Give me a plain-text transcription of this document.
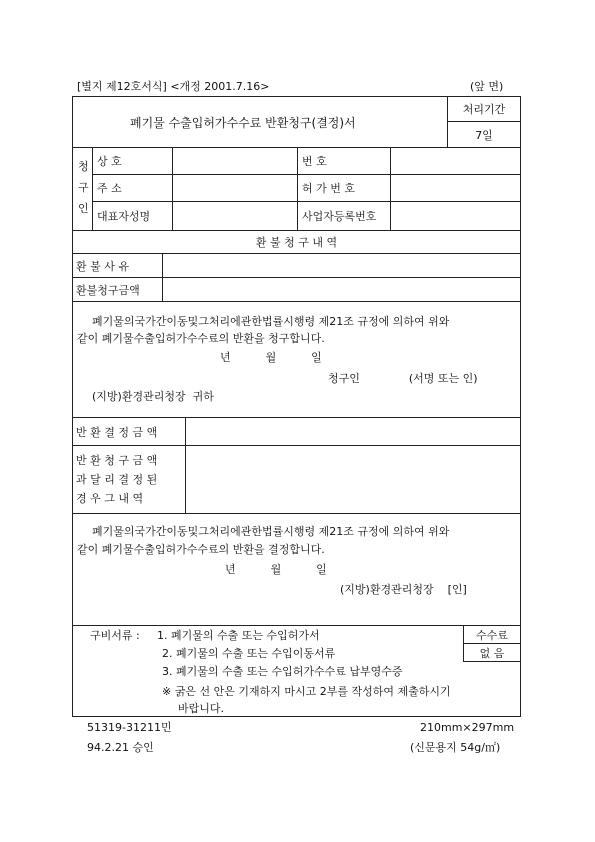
[별지 제12호서식] <개정 2001.7.16>	(앞 면)
폐기물 수출입허가수수료 반환청구(결정)서
처리기간
7일
청
구
인
상 호	번 호
주 소	허 가 번 호
대표자성명	사업자등록번호
환 불 청 구 내 역
환 불 사 유
환불청구금액
폐기물의국가간이동및그처리에관한법률시행령 제21조 규정에 의하여 위와
같이 폐기물수출입허가수수료의 반환을 청구합니다.
년          월          일
청구인              (서명 또는 인)
(지방)환경관리청장  귀하
반 환 결 정 금 액
반 환 청 구 금 액
과 달 리 결 정 된
경 우 그 내 역
폐기물의국가간이동및그처리에관한법률시행령 제21조 규정에 의하여 위와
같이 폐기물수출입허가수수료의 반환을 결정합니다.
년          월          일
(지방)환경관리청장    [인]
구비서류 : 1. 폐기물의 수출 또는 수입허가서
2. 폐기물의 수출 또는 수입이동서류
3. 폐기물의 수출 또는 수입허가수수료 납부영수증
※ 굵은 선 안은 기재하지 마시고 2부를 작성하여 제출하시기
바랍니다.
수수료
없 음
51319-31211민	210mm×297mm
94.2.21 승인	(신문용지 54g/㎡)
